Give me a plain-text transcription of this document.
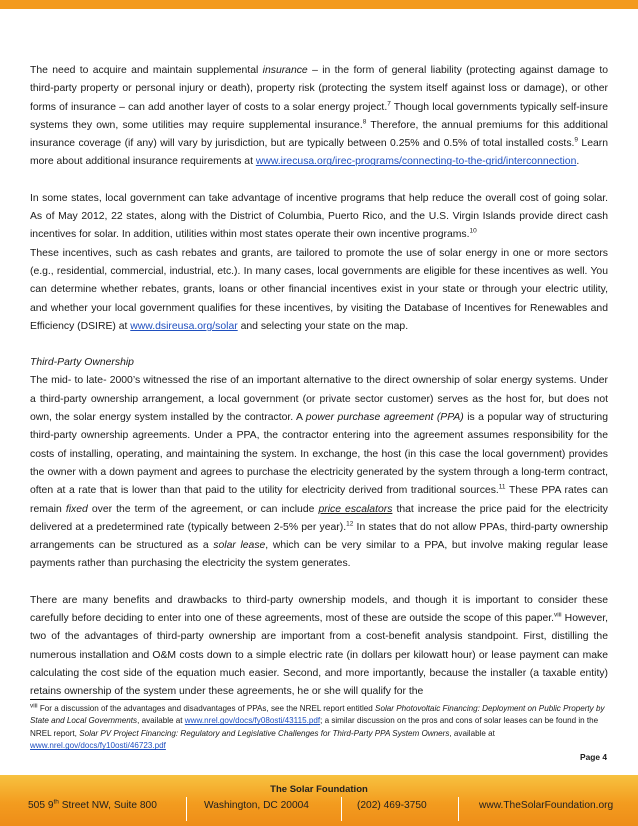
The need to acquire and maintain supplemental insurance – in the form of general liability (protecting against damage to third-party property or personal injury or death), property risk (protecting the system itself against loss or damage), or other forms of insurance – can add another layer of costs to a solar energy project.$^7$ Though local governments typically self-insure systems they own, some utilities may require supplemental insurance.$^8$ Therefore, the annual premiums for this additional insurance coverage (if any) will vary by jurisdiction, but are typically between 0.25% and 0.5% of total installed costs.$^9$ Learn more about additional insurance requirements at www.irecusa.org/irec-programs/connecting-to-the-grid/interconnection.

In some states, local government can take advantage of incentive programs that help reduce the overall cost of going solar. As of May 2012, 22 states, along with the District of Columbia, Puerto Rico, and the U.S. Virgin Islands provide direct cash incentives for solar. In addition, utilities within most states operate their own incentive programs.$^{10}$

These incentives, such as cash rebates and grants, are tailored to promote the use of solar energy in one or more sectors (e.g., residential, commercial, industrial, etc.). In many cases, local governments are eligible for these incentives as well. You can determine whether rebates, grants, loans or other financial incentives exist in your state or through your electric utility, and whether your local government qualifies for these incentives, by visiting the Database of Incentives for Renewables and Efficiency (DSIRE) at www.dsireusa.org/solar and selecting your state on the map.

Third-Party Ownership

The mid- to late- 2000’s witnessed the rise of an important alternative to the direct ownership of solar energy systems. Under a third-party ownership arrangement, a local government (or private sector customer) serves as the host for, but does not own, the solar energy system installed by the contractor. A power purchase agreement (PPA) is a popular way of structuring third-party ownership agreements. Under a PPA, the contractor entering into the agreement assumes responsibility for the costs of installing, operating, and maintaining the system. In exchange, the host (in this case the local government) provides the owner with a down payment and agrees to purchase the electricity generated by the system through a long-term contract, often at a rate that is lower than that paid to the utility for electricity derived from traditional sources.$^{11}$ These PPA rates can remain fixed over the term of the agreement, or can include price escalators that increase the price paid for the electricity delivered at a predetermined rate (typically between 2-5% per year).$^{12}$ In states that do not allow PPAs, third-party ownership arrangements can be structured as a solar lease, which can be very similar to a PPA, but involve making regular lease payments rather than purchasing the electricity the system generates.

There are many benefits and drawbacks to third-party ownership models, and though it is important to consider these carefully before deciding to enter into one of these agreements, most of these are outside the scope of this paper.$^{viii}$ However, two of the advantages of third-party ownership are important from a cost-benefit analysis standpoint. First, distilling the numerous installation and O&M costs down to a simple electric rate (in dollars per kilowatt hour) or lease payment can make calculating the cost side of the equation much easier. Second, and more importantly, because the installer (a taxable entity) retains ownership of the system under these agreements, he or she will qualify for the

$^{viii}$ For a discussion of the advantages and disadvantages of PPAs, see the NREL report entitled Solar Photovoltaic Financing: Deployment on Public Property by State and Local Governments, available at www.nrel.gov/docs/fy08osti/43115.pdf; a similar discussion on the pros and cons of solar leases can be found in the NREL report, Solar PV Project Financing: Regulatory and Legislative Challenges for Third-Party PPA System Owners, available at www.nrel.gov/docs/fy10osti/46723.pdf

Page 4
The Solar Foundation
505 9th Street NW, Suite 800	Washington, DC 20004	(202) 469-3750	www.TheSolarFoundation.org
